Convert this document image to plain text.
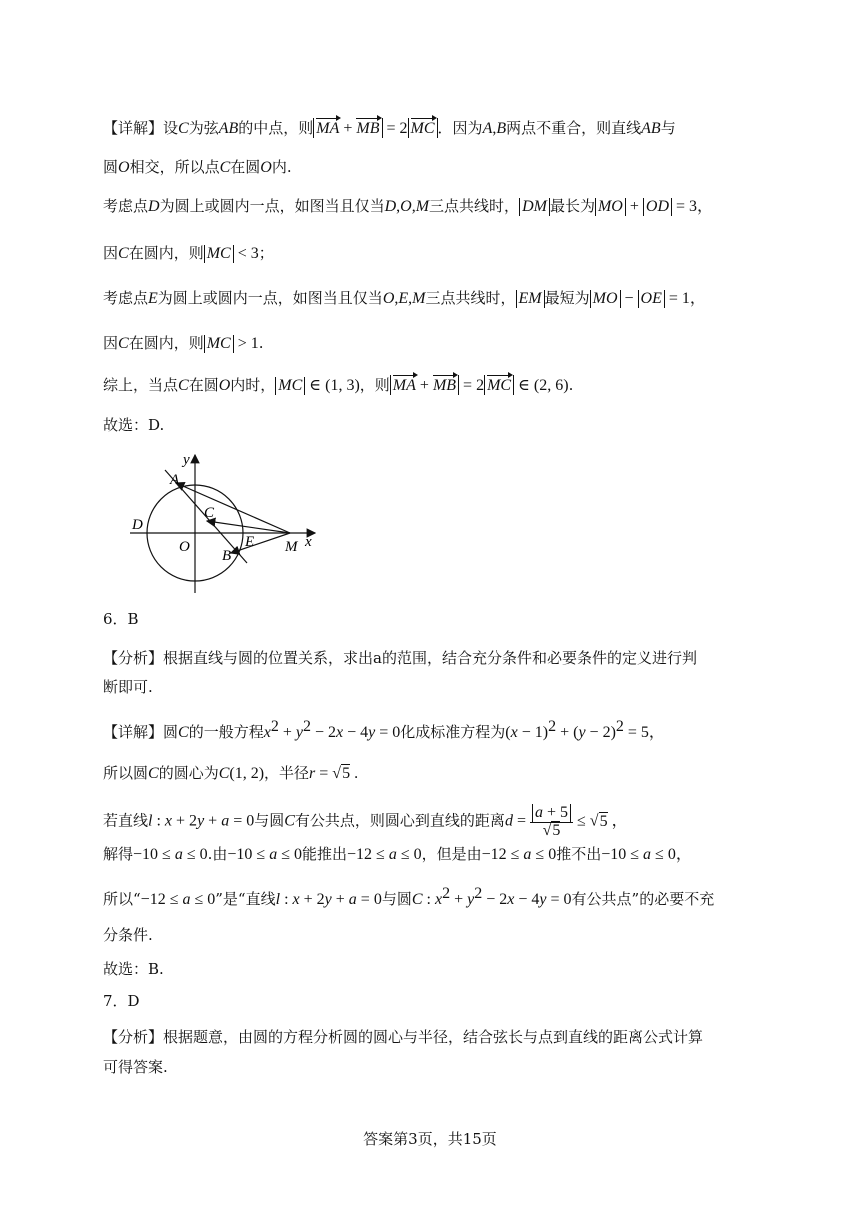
【详解】设C为弦AB的中点，则 MA + MB = 2 MC ．因为A,B两点不重合，则直线AB与
圆O相交，所以点C在圆O内.
考虑点D为圆上或圆内一点，如图当且仅当D,O,M三点共线时， DM 最长为 MO + OD = 3，
因C在圆内，则 MC < 3；
考虑点E为圆上或圆内一点，如图当且仅当O,E,M三点共线时， EM 最短为 MO − OE = 1，
因C在圆内，则 MC > 1.
综上，当点C在圆O内时， MC ∈ (1, 3)，则 MA + MB = 2 MC ∈ (2, 6).
故选：D.
y
A
C
D
O	E M x
B
6．B
【分析】根据直线与圆的位置关系，求出a的范围，结合充分条件和必要条件的定义进行判
断即可.
【详解】圆C的一般方程$x^2 + y^2 - 2x - 4y = 0$化成标准方程为$(x - 1)^2 + (y - 2)^2 = 5$，
所以圆C的圆心为C(1, 2)，半径r = √5 .
若直线l : x + 2y + a = 0与圆C有公共点，则圆心到直线的距离$d = \frac{a + 5}{√5} \le √5$ ，
解得−10 ≤ a ≤ 0.由−10 ≤ a ≤ 0能推出−12 ≤ a ≤ 0，但是由−12 ≤ a ≤ 0推不出−10 ≤ a ≤ 0，
所以“−12 ≤ a ≤ 0”是“直线l : x + 2y + a = 0与圆C : $x^2 + y^2 - 2x - 4y = 0$有公共点”的必要不充
分条件.
故选：B.
7．D
【分析】根据题意，由圆的方程分析圆的圆心与半径，结合弦长与点到直线的距离公式计算
可得答案.
答案第3页，共15页
